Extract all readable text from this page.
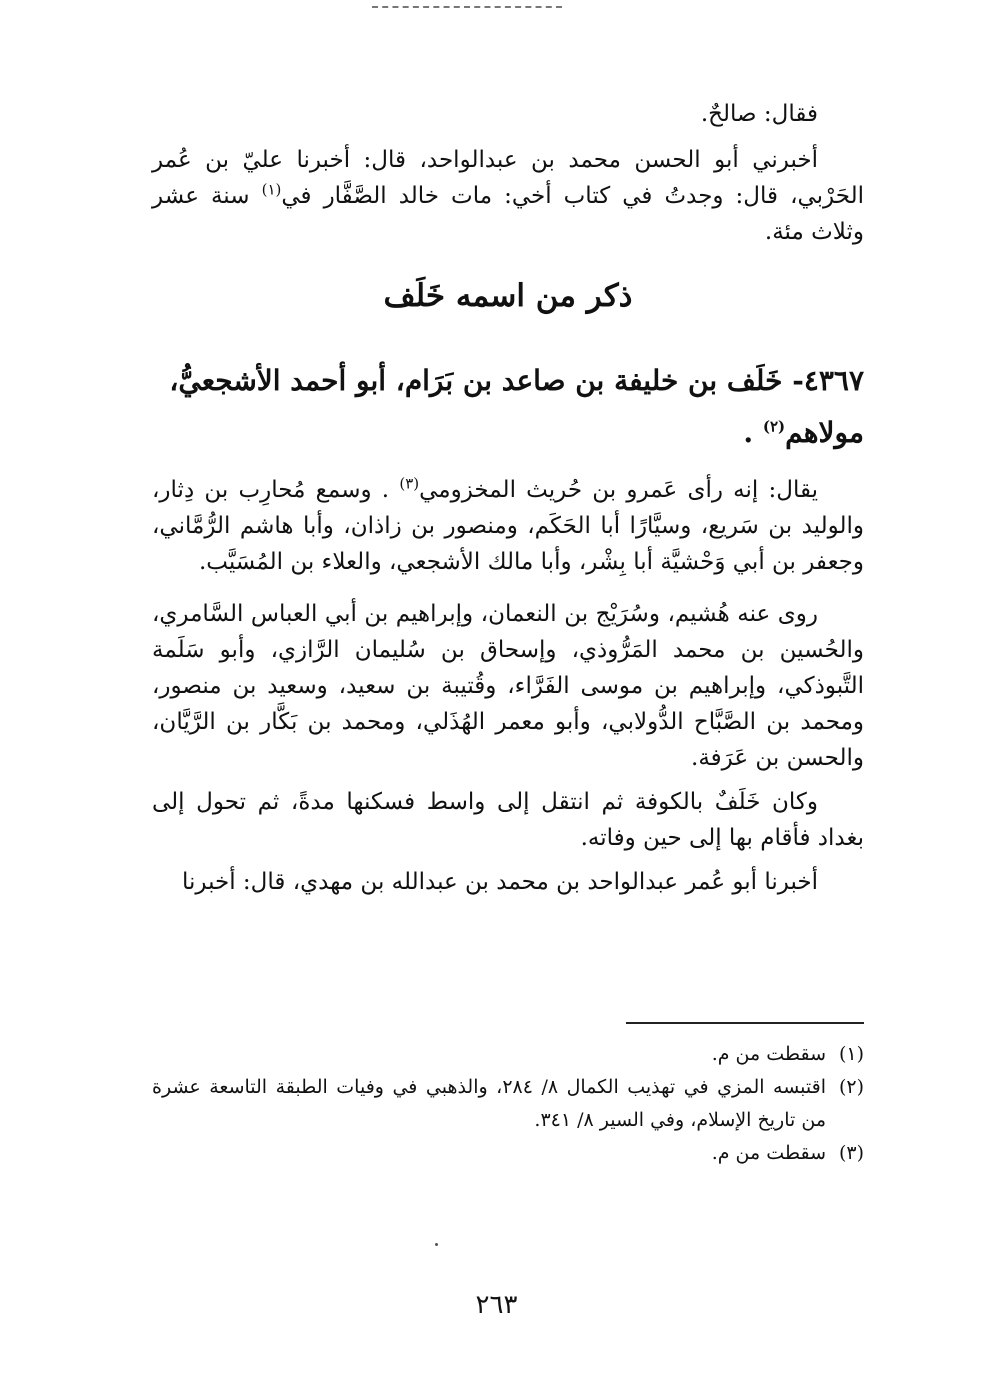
فقال: صالحٌ.

أخبرني أبو الحسن محمد بن عبدالواحد، قال: أخبرنا عليّ بن عُمر الحَرْبي، قال: وجدتُ في كتاب أخي: مات خالد الصَّفَّار في$^{(١)}$ سنة عشر وثلاث مئة.

ذكر من اسمه خَلَف

٤٣٦٧- خَلَف بن خليفة بن صاعد بن بَرَام، أبو أحمد الأشجعيُّ، مولاهم$^{(٢)}$ .

يقال: إنه رأى عَمرو بن حُريث المخزومي$^{(٣)}$ . وسمع مُحارِب بن دِثار، والوليد بن سَريع، وسيَّارًا أبا الحَكَم، ومنصور بن زاذان، وأبا هاشم الرُّمَّاني، وجعفر بن أبي وَحْشيَّة أبا بِشْر، وأبا مالك الأشجعي، والعلاء بن المُسَيَّب.

روى عنه هُشيم، وسُرَيْج بن النعمان، وإبراهيم بن أبي العباس السَّامري، والحُسين بن محمد المَرُّوذي، وإسحاق بن سُليمان الرَّازي، وأبو سَلَمة التَّبوذكي، وإبراهيم بن موسى الفَرَّاء، وقُتيبة بن سعيد، وسعيد بن منصور، ومحمد بن الصَّبَّاح الدُّولابي، وأبو معمر الهُذَلي، ومحمد بن بَكَّار بن الرَّيَّان، والحسن بن عَرَفة.

وكان خَلَفٌ بالكوفة ثم انتقل إلى واسط فسكنها مدةً، ثم تحول إلى بغداد فأقام بها إلى حين وفاته.

أخبرنا أبو عُمر عبدالواحد بن محمد بن عبدالله بن مهدي، قال: أخبرنا

(١)
سقطت من م.

(٢)
اقتبسه المزي في تهذيب الكمال ٨/ ٢٨٤، والذهبي في وفيات الطبقة التاسعة عشرة من تاريخ الإسلام، وفي السير ٨/ ٣٤١.

(٣)
سقطت من م.

٢٦٣
